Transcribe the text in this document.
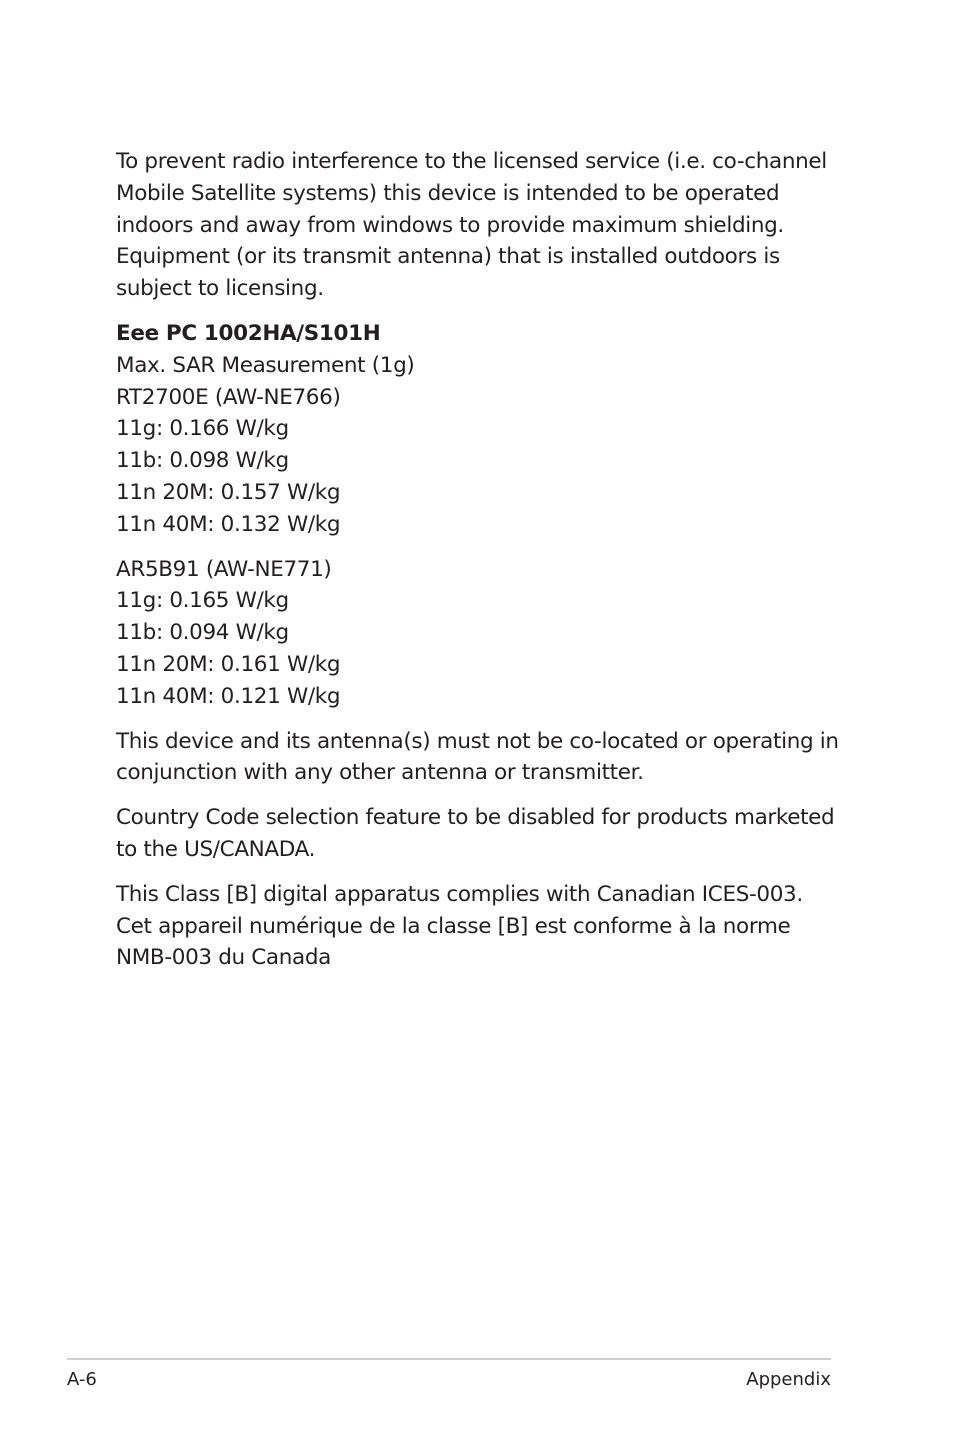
To prevent radio interference to the licensed service (i.e. co-channel
Mobile Satellite systems) this device is intended to be operated
indoors and away from windows to provide maximum shielding.
Equipment (or its transmit antenna) that is installed outdoors is
subject to licensing.

Eee PC 1002HA/S101H
Max. SAR Measurement (1g)
RT2700E (AW-NE766)
11g: 0.166 W/kg
11b: 0.098 W/kg
11n 20M: 0.157 W/kg
11n 40M: 0.132 W/kg

AR5B91 (AW-NE771)
11g: 0.165 W/kg
11b: 0.094 W/kg
11n 20M: 0.161 W/kg
11n 40M: 0.121 W/kg

This device and its antenna(s) must not be co-located or operating in
conjunction with any other antenna or transmitter.

Country Code selection feature to be disabled for products marketed
to the US/CANADA.

This Class [B] digital apparatus complies with Canadian ICES-003.
Cet appareil numérique de la classe [B] est conforme à la norme
NMB-003 du Canada

A-6	Appendix
